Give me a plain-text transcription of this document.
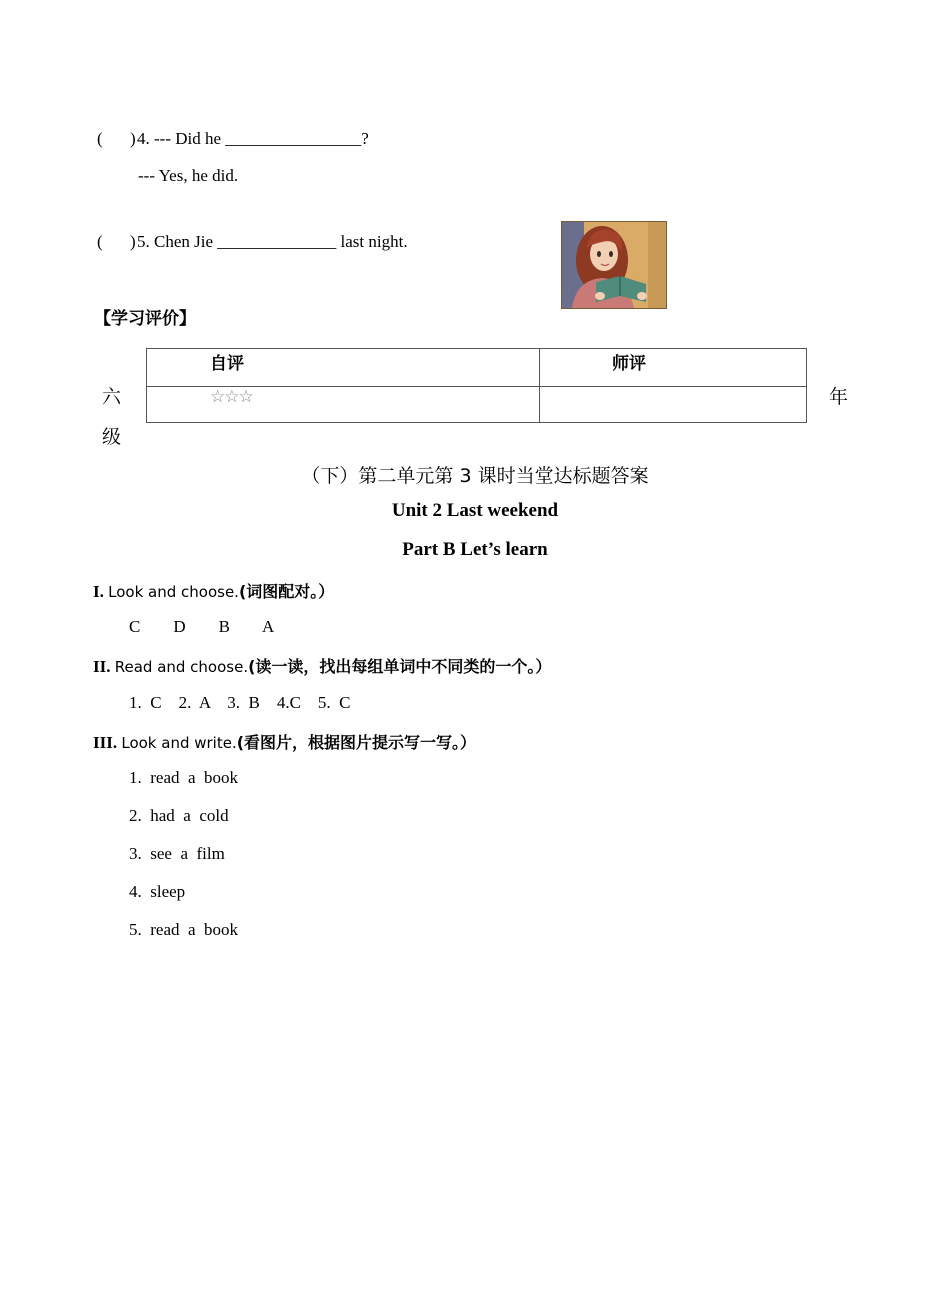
( ) 4. --- Did he ________________?
--- Yes, he did.
( ) 5. Chen Jie ______________ last night.
【学习评价】
自评	师评
☆☆☆	
六	年
级
（下）第二单元第 3 课时当堂达标题答案
Unit 2 Last weekend
Part B Let’s learn
I. Look and choose.(词图配对。）
C    D    B    A
II. Read and choose.(读一读，找出每组单词中不同类的一个。）
1.  C    2.  A    3.  B    4.C    5.  C
III. Look and write.(看图片，根据图片提示写一写。）
1.  read  a  book
2.  had  a  cold
3.  see  a  film
4.  sleep
5.  read  a  book
